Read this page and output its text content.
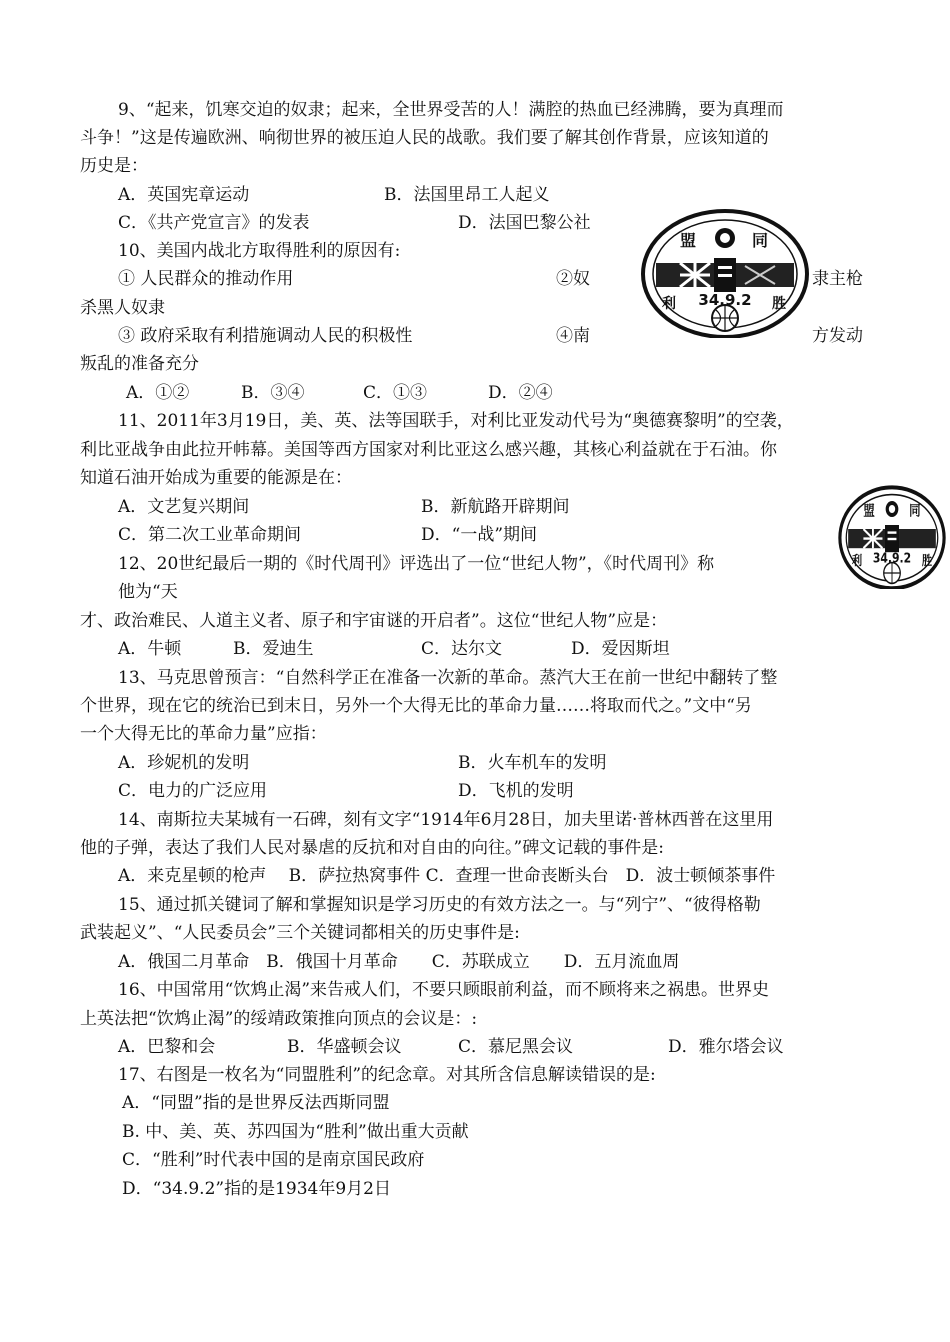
9、“起来，饥寒交迫的奴隶；起来，全世界受苦的人！满腔的热血已经沸腾，要为真理而
斗争！”这是传遍欧洲、响彻世界的被压迫人民的战歌。我们要了解其创作背景，应该知道的
历史是：
A．英国宪章运动	B．法国里昂工人起义
C．《共产党宣言》的发表	D．法国巴黎公社
10、美国内战北方取得胜利的原因有:
① 人民群众的推动作用	②奴	隶主枪
杀黑人奴隶
③ 政府采取有利措施调动人民的积极性	④南	方发动
叛乱的准备充分
A．①②	B．③④	C．①③	D．②④
11、2011年3月19日，美、英、法等国联手，对利比亚发动代号为“奥德赛黎明”的空袭，
利比亚战争由此拉开帏幕。美国等西方国家对利比亚这么感兴趣，其核心利益就在于石油。你
知道石油开始成为重要的能源是在：
A．文艺复兴期间	B．新航路开辟期间
C．第二次工业革命期间	D．“一战”期间
12、20世纪最后一期的《时代周刊》评选出了一位“世纪人物”，《时代周刊》称
他为“天
才、政治难民、人道主义者、原子和宇宙谜的开启者”。这位“世纪人物”应是：
A．牛顿	B．爱迪生	C．达尔文	D．爱因斯坦
13、马克思曾预言：“自然科学正在准备一次新的革命。蒸汽大王在前一世纪中翻转了整
个世界，现在它的统治已到末日，另外一个大得无比的革命力量……将取而代之。”文中“另
一个大得无比的革命力量”应指：
A．珍妮机的发明	B．火车机车的发明
C．电力的广泛应用	D．飞机的发明
14、南斯拉夫某城有一石碑，刻有文字“1914年6月28日，加夫里诺·普林西普在这里用
他的子弹，表达了我们人民对暴虐的反抗和对自由的向往。”碑文记载的事件是:
A．来克星顿的枪声　 B．萨拉热窝事件 C．查理一世命丧断头台　D．波士顿倾茶事件
15、通过抓关键词了解和掌握知识是学习历史的有效方法之一。与“列宁”、“彼得格勒
武装起义”、“人民委员会”三个关键词都相关的历史事件是:
A．俄国二月革命　B．俄国十月革命　　C．苏联成立　　D．五月流血周
16、中国常用“饮鸩止渴”来告戒人们，不要只顾眼前利益，而不顾将来之祸患。世界史
上英法把“饮鸩止渴”的绥靖政策推向顶点的会议是：:
A．巴黎和会	B．华盛顿会议	C．慕尼黑会议	D．雅尔塔会议
17、右图是一枚名为“同盟胜利”的纪念章。对其所含信息解读错误的是:
A．“同盟”指的是世界反法西斯同盟
B. 中、美、英、苏四国为“胜利”做出重大贡献
C．“胜利”时代表中国的是南京国民政府
D．“34.9.2”指的是1934年9月2日
盟	同
利	胜
34.9.2
盟 同
利	胜
34.9.2
